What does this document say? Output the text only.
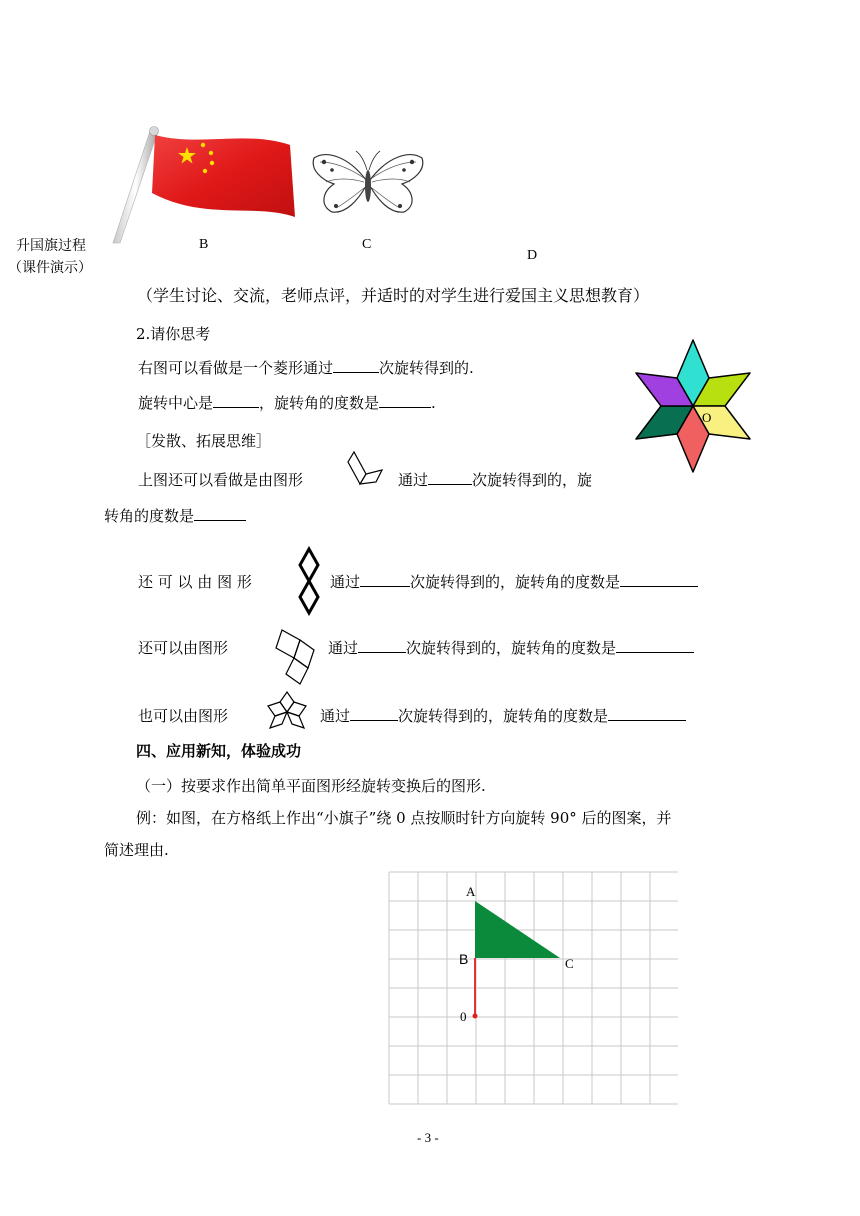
升国旗过程
（课件演示）
B	C
D
（学生讨论、交流，老师点评，并适时的对学生进行爱国主义思想教育）
2.请你思考
右图可以看做是一个菱形通过	次旋转得到的.
旋转中心是	，旋转角的度数是	.
O
［发散、拓展思维］
上图还可以看做是由图形	通过	次旋转得到的，旋
转角的度数是
还 可 以 由 图 形	通过	次旋转得到的，旋转角的度数是
还可以由图形	通过	次旋转得到的，旋转角的度数是
也可以由图形	通过	次旋转得到的，旋转角的度数是
四、应用新知，体验成功
（一）按要求作出简单平面图形经旋转变换后的图形.
例：如图，在方格纸上作出“小旗子”绕 0 点按顺时针方向旋转 90° 后的图案，并
简述理由.
A
B	C
0
- 3 -
